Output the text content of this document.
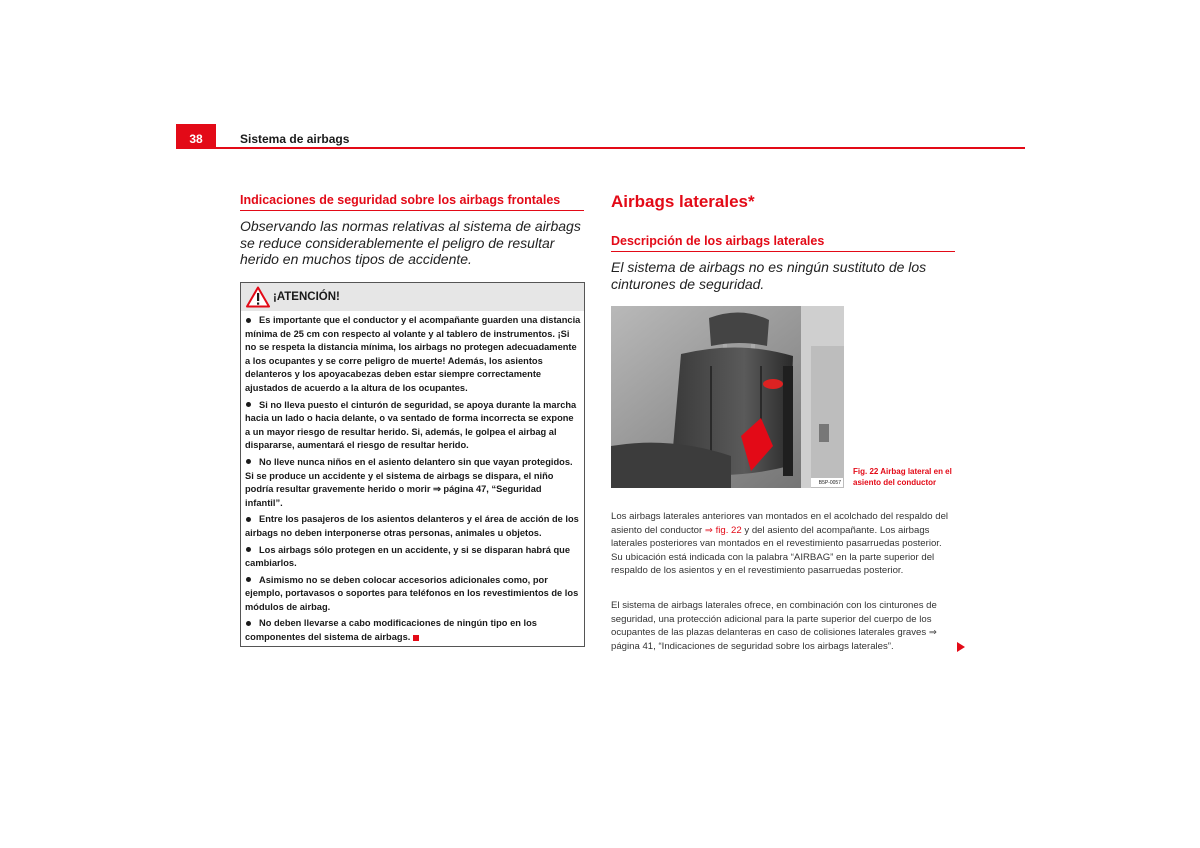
38	Sistema de airbags
Indicaciones de seguridad sobre los airbags frontales
Observando las normas relativas al sistema de airbags se reduce considerablemente el peligro de resultar herido en muchos tipos de accidente.
¡ATENCIÓN!
Es importante que el conductor y el acompañante guarden una distancia mínima de 25 cm con respecto al volante y al tablero de instrumentos. ¡Si no se respeta la distancia mínima, los airbags no protegen adecuadamente a los ocupantes y se corre peligro de muerte! Además, los asientos delanteros y los apoyacabezas deben estar siempre correctamente ajustados de acuerdo a la altura de los ocupantes.
Si no lleva puesto el cinturón de seguridad, se apoya durante la marcha hacia un lado o hacia delante, o va sentado de forma incorrecta se expone a un mayor riesgo de resultar herido. Si, además, le golpea el airbag al dispararse, aumentará el riesgo de resultar herido.
No lleve nunca niños en el asiento delantero sin que vayan protegidos. Si se produce un accidente y el sistema de airbags se dispara, el niño podría resultar gravemente herido o morir ⇒ página 47, “Seguridad infantil”.
Entre los pasajeros de los asientos delanteros y el área de acción de los airbags no deben interponerse otras personas, animales u objetos.
Los airbags sólo protegen en un accidente, y si se disparan habrá que cambiarlos.
Asimismo no se deben colocar accesorios adicionales como, por ejemplo, portavasos o soportes para teléfonos en los revestimientos de los módulos de airbag.
No deben llevarse a cabo modificaciones de ningún tipo en los componentes del sistema de airbags.
Airbags laterales*
Descripción de los airbags laterales
El sistema de airbags no es ningún sustituto de los cinturones de seguridad.
B5P-0057
Fig. 22 Airbag lateral en el asiento del conductor
Los airbags laterales anteriores van montados en el acolchado del respaldo del asiento del conductor ⇒ fig. 22 y del asiento del acompañante. Los airbags laterales posteriores van montados en el revestimiento pasarruedas posterior. Su ubicación está indicada con la palabra “AIRBAG” en la parte superior del respaldo de los asientos y en el revestimiento pasarruedas posterior.
El sistema de airbags laterales ofrece, en combinación con los cinturones de seguridad, una protección adicional para la parte superior del cuerpo de los ocupantes de las plazas delanteras en caso de colisiones laterales graves ⇒ página 41, “Indicaciones de seguridad sobre los airbags laterales”.
